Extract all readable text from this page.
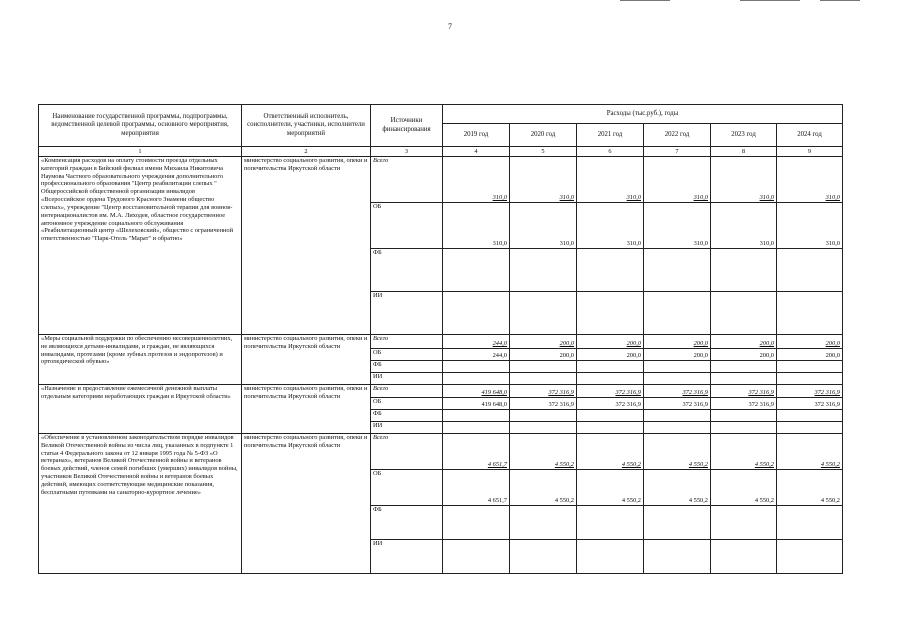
7
Наименование государственной программы, подпрограммы, ведомственной целевой программы, основного мероприятия, мероприятия	Ответственный исполнитель, соисполнители, участники, исполнители мероприятий	Источники финансирования	Расходы (тыс.руб.), годы					
			2019 год	2020 год	2021 год	2022 год	2023 год	2024 год
1	2	3	4	5	6	7	8	9
«Компенсация расходов на оплату стоимости проезда отдельных категорий граждан в Бийский филиал имени Михаила Никитовича Наумова Частного образовательного учреждения дополнительного профессионального образования "Центр реабилитации слепых " Общероссийской общественной организации инвалидов «Всероссийское ордена Трудового Красного Знамени общество слепых», учреждение "Центр восстановительной терапии для воинов-интернационалистов им. М.А. Лиходея, областное государственное автономное учреждение социального обслуживания «Реабилитационный центр «Шелеховский», общество с ограниченной ответственностью "Парк-Отель "Марат" и обратно»	министерство социального развития, опеки и попечительства Иркутской области	Всего	310,0	310,0	310,0	310,0	310,0	310,0
		ОБ	310,0	310,0	310,0	310,0	310,0	310,0
		ФБ						
		ИИ						
«Меры социальной поддержки по обеспечению несовершеннолетних, не являющихся детьми-инвалидами, и граждан, не являющихся инвалидами, протезами (кроме зубных протезов и эндопротезов) и ортопедической обувью»	министерство социального развития, опеки и попечительства Иркутской области	Всего	244,0	200,0	200,0	200,0	200,0	200,0
		ОБ	244,0	200,0	200,0	200,0	200,0	200,0
		ФБ						
		ИИ						
«Назначение и предоставление ежемесячной денежной выплаты отдельным категориям неработающих граждан в Иркутской области»	министерство социального развития, опеки и попечительства Иркутской области	Всего	419 648,0	372 316,9	372 316,9	372 316,9	372 316,9	372 316,9
		ОБ	419 648,0	372 316,9	372 316,9	372 316,9	372 316,9	372 316,9
		ФБ						
		ИИ						
«Обеспечение в установленном законодательством порядке инвалидов Великой Отечественной войны из числа лиц, указанных в подпункте 1 статьи 4 Федерального закона от 12 января 1995 года № 5-ФЗ «О ветеранах», ветеранов Великой Отечественной войны и ветеранов боевых действий, членов семей погибших (умерших) инвалидов войны, участников Великой Отечественной войны и ветеранов боевых действий, имеющих соответствующие медицинские показания, бесплатными путевками на санаторно-курортное лечение»	министерство социального развития, опеки и попечительства Иркутской области	Всего	4 651,7	4 550,2	4 550,2	4 550,2	4 550,2	4 550,2
		ОБ	4 651,7	4 550,2	4 550,2	4 550,2	4 550,2	4 550,2
		ФБ						
		ИИ						
